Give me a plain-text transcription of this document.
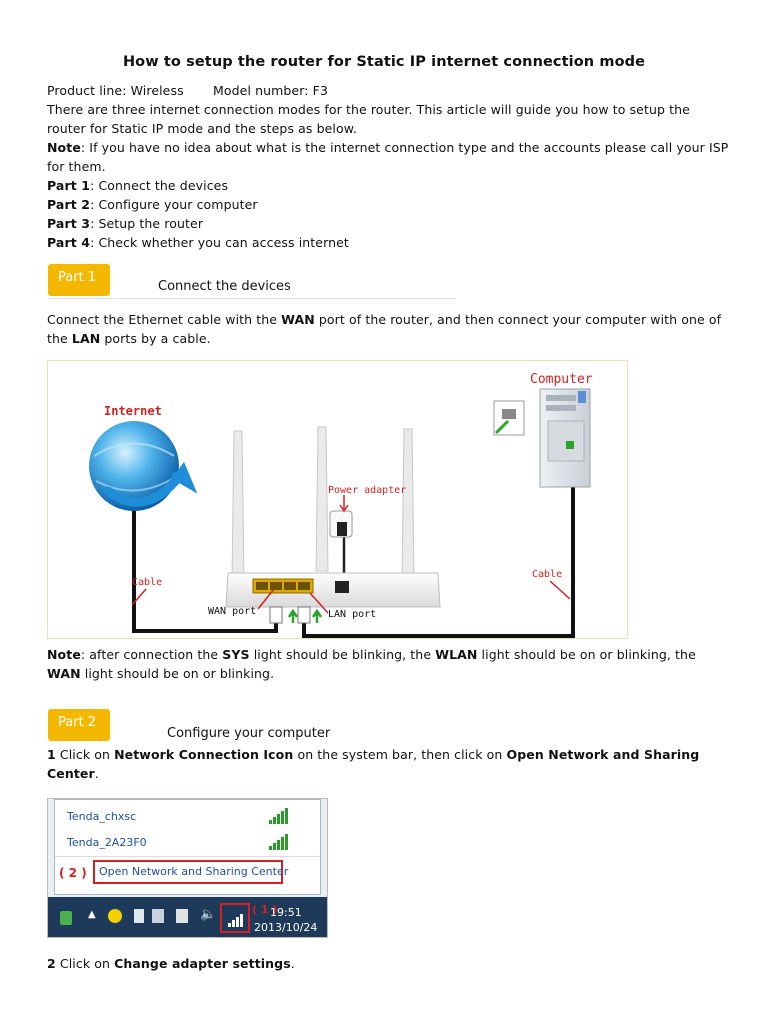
How to setup the router for Static IP internet connection mode
Product line: Wireless Model number: F3
There are three internet connection modes for the router. This article will guide you how to setup the
router for Static IP mode and the steps as below.
Note: If you have no idea about what is the internet connection type and the accounts please call your ISP
for them.
Part 1: Connect the devices
Part 2: Configure your computer
Part 3: Setup the router
Part 4: Check whether you can access internet
Part 1
Connect the devices
Connect the Ethernet cable with the WAN port of the router, and then connect your computer with one of
the LAN ports by a cable.
Internet
Power adapter
Cable
WAN port	LAN port
Cable
Computer
Note: after connection the SYS light should be blinking, the WLAN light should be on or blinking, the
WAN light should be on or blinking.
Part 2
Configure your computer
1 Click on Network Connection Icon on the system bar, then click on Open Network and Sharing
Center.
Tenda_chxsc
Tenda_2A23F0
( 2 )	Open Network and Sharing Center
▲	🔈	( 1 )
19:51
2013/10/24
2 Click on Change adapter settings.
